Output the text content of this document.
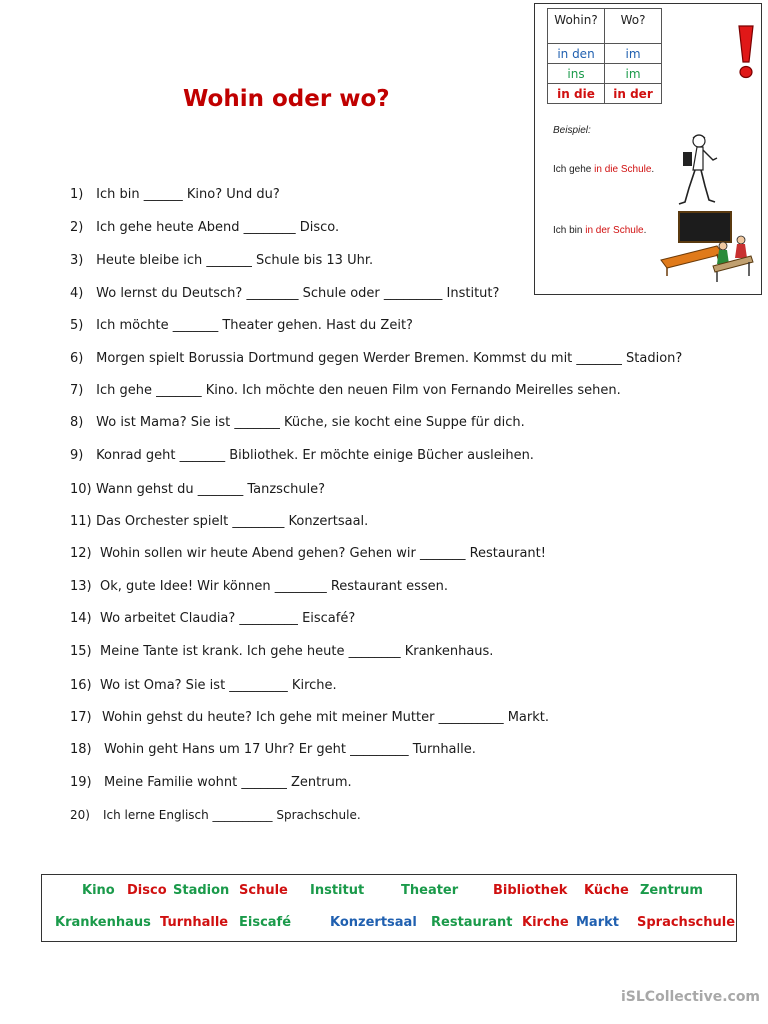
Wohin oder wo?
1) Ich bin ______ Kino? Und du?
2) Ich gehe heute Abend ________ Disco.
3) Heute bleibe ich _______ Schule bis 13 Uhr.
4) Wo lernst du Deutsch? ________ Schule oder _________ Institut?
5) Ich möchte _______ Theater gehen. Hast du Zeit?
6) Morgen spielt Borussia Dortmund gegen Werder Bremen. Kommst du mit _______ Stadion?
7) Ich gehe _______ Kino. Ich möchte den neuen Film von Fernando Meirelles sehen.
8) Wo ist Mama? Sie ist _______ Küche, sie kocht eine Suppe für dich.
9) Konrad geht _______ Bibliothek. Er möchte einige Bücher ausleihen.
10) Wann gehst du _______ Tanzschule?
11) Das Orchester spielt ________ Konzertsaal.
12) Wohin sollen wir heute Abend gehen? Gehen wir _______ Restaurant!
13) Ok, gute Idee! Wir können ________ Restaurant essen.
14) Wo arbeitet Claudia? _________ Eiscafé?
15) Meine Tante ist krank. Ich gehe heute ________ Krankenhaus.
16) Wo ist Oma? Sie ist _________ Kirche.
17) Wohin gehst du heute? Ich gehe mit meiner Mutter __________ Markt.
18) Wohin geht Hans um 17 Uhr? Er geht _________ Turnhalle.
19) Meine Familie wohnt _______ Zentrum.
20) Ich lerne Englisch __________ Sprachschule.
Wohin?	Wo?
in den	im
ins	im
in die	in der
Beispiel:
Ich gehe in die Schule.
Ich bin in der Schule.
Kino Disco Stadion Schule Institut	Theater	Bibliothek Küche Zentrum
Krankenhaus Turnhalle Eiscafé	Konzertsaal Restaurant Kirche Markt Sprachschule
iSLCollective.com
